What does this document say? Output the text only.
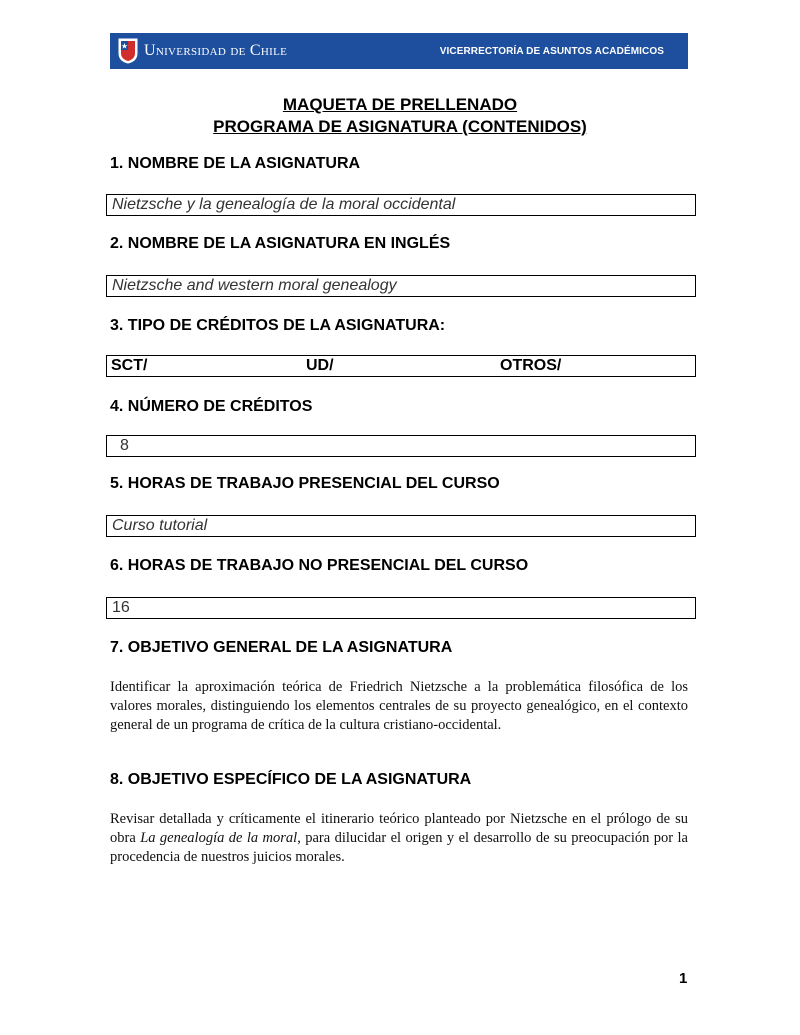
Universidad de Chile	VICERRECTORÍA DE ASUNTOS ACADÉMICOS
MAQUETA DE PRELLENADO
PROGRAMA DE ASIGNATURA (CONTENIDOS)
1. NOMBRE DE LA ASIGNATURA
Nietzsche y la genealogía de la moral occidental
2. NOMBRE DE LA ASIGNATURA EN INGLÉS
Nietzsche and western moral genealogy
3. TIPO DE CRÉDITOS DE LA ASIGNATURA:
SCT/	UD/	OTROS/
4. NÚMERO DE CRÉDITOS
8
5. HORAS DE TRABAJO PRESENCIAL DEL CURSO
Curso tutorial
6. HORAS DE TRABAJO NO PRESENCIAL DEL CURSO
16
7. OBJETIVO GENERAL DE LA ASIGNATURA
Identificar la aproximación teórica de Friedrich Nietzsche a la problemática filosófica de los valores morales, distinguiendo los elementos centrales de su proyecto genealógico, en el contexto general de un programa de crítica de la cultura cristiano-occidental.
8. OBJETIVO ESPECÍFICO DE LA ASIGNATURA
Revisar detallada y críticamente el itinerario teórico planteado por Nietzsche en el prólogo de su obra La genealogía de la moral, para dilucidar el origen y el desarrollo de su preocupación por la procedencia de nuestros juicios morales.
1
